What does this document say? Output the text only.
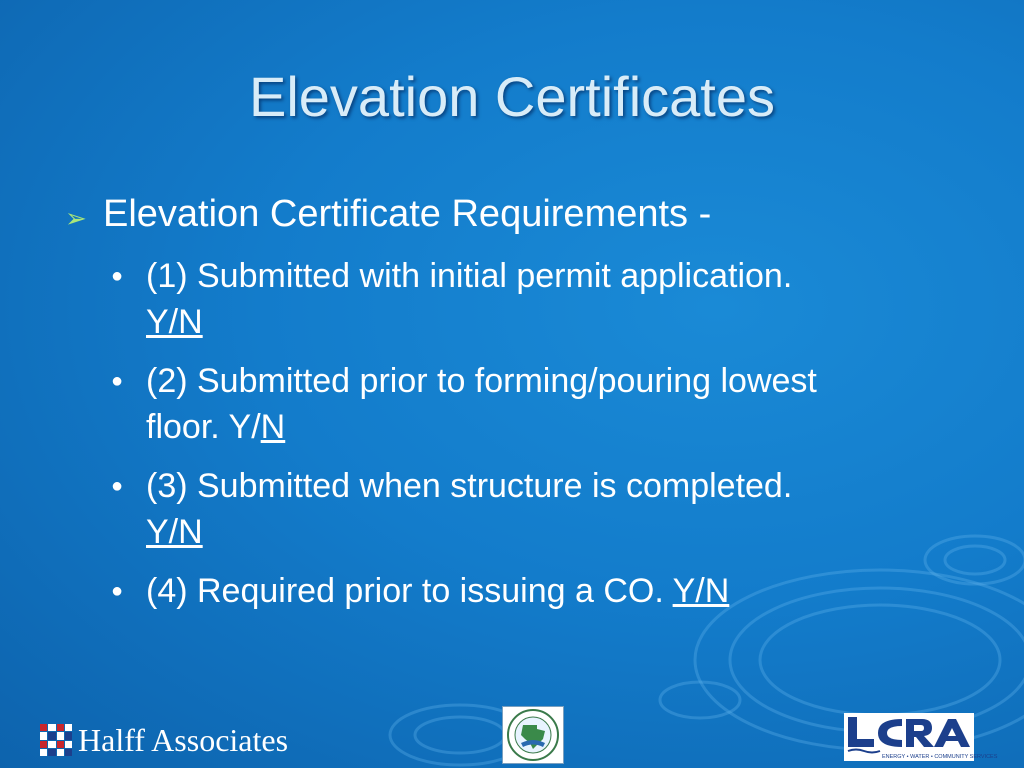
Elevation Certificates
➢ Elevation Certificate Requirements -
● (1) Submitted with initial permit application.
Y/N
● (2) Submitted prior to forming/pouring lowest
floor. Y/N
● (3) Submitted when structure is completed.
Y/N
● (4) Required prior to issuing a CO. Y/N
Halff Associates	ENERGY • WATER • COMMUNITY SERVICES
